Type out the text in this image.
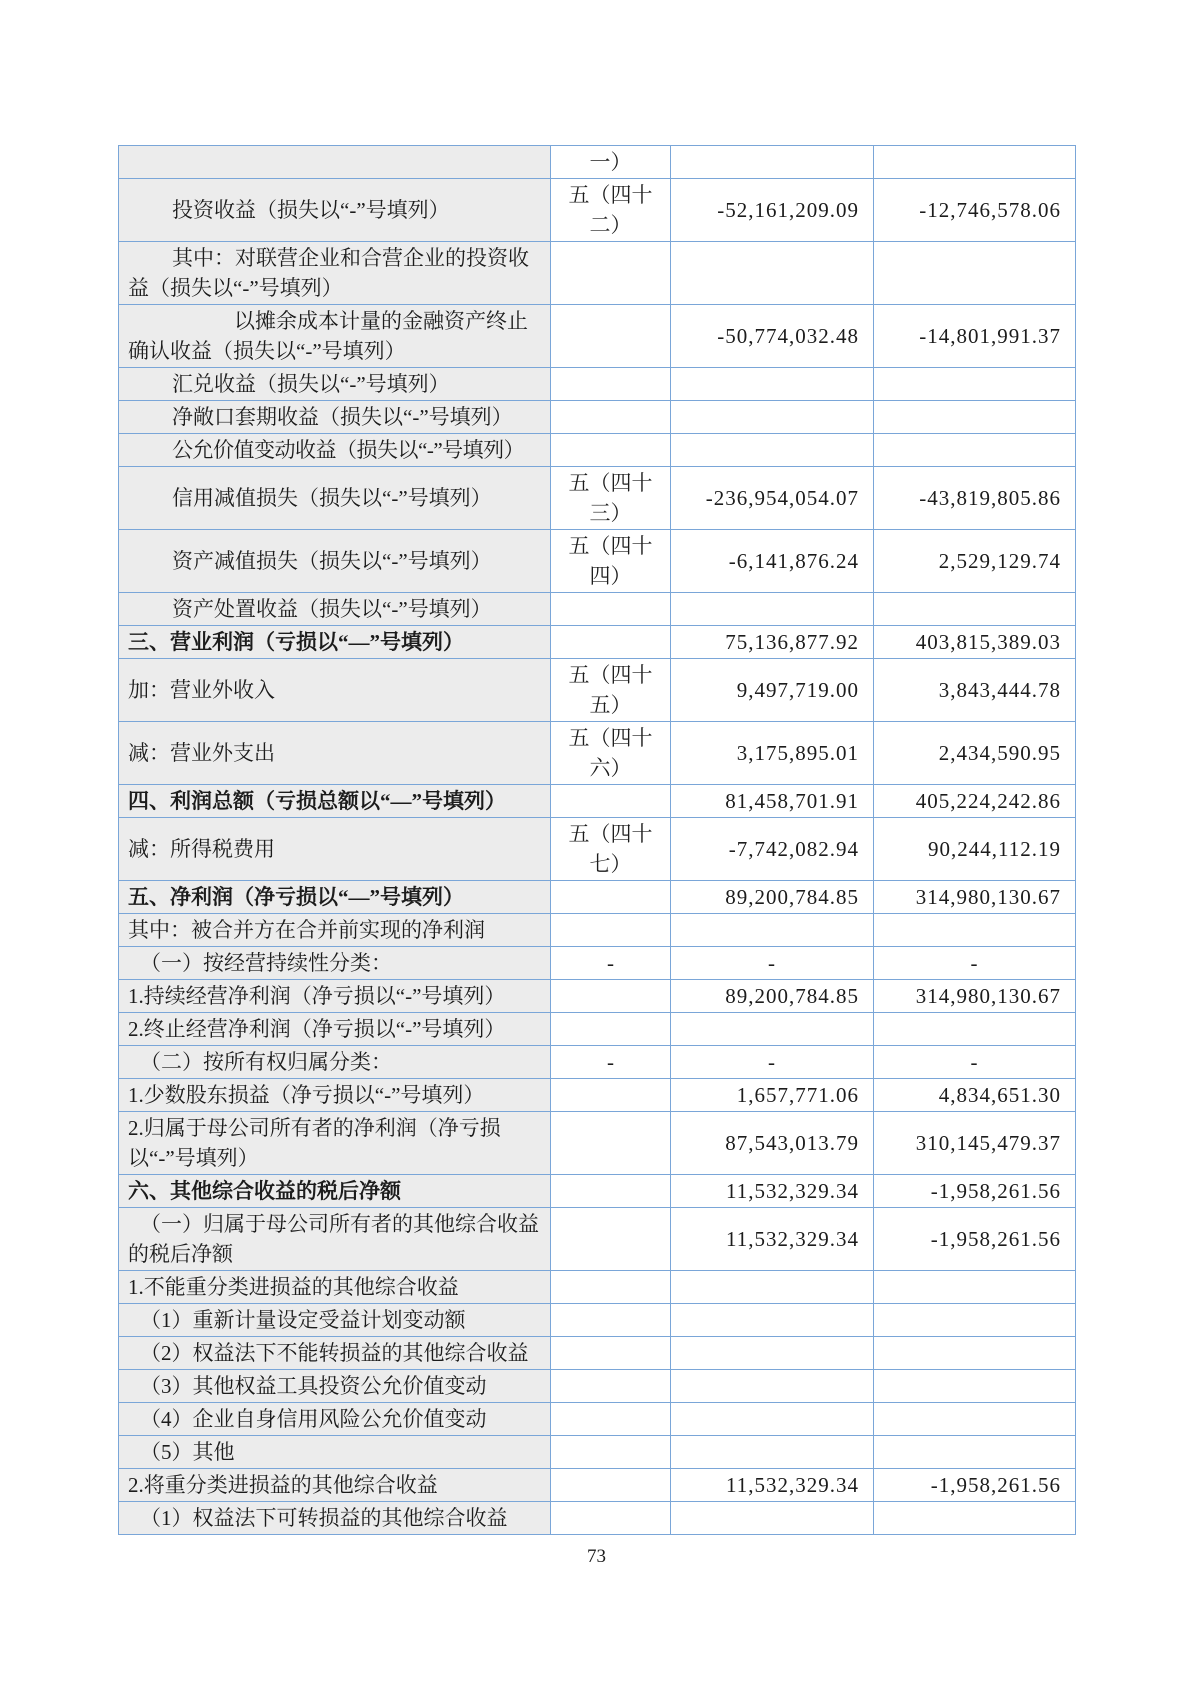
	一）		
投资收益（损失以“-”号填列）	五（四十二）	-52,161,209.09	-12,746,578.06
其中：对联营企业和合营企业的投资收益（损失以“-”号填列）			
以摊余成本计量的金融资产终止确认收益（损失以“-”号填列）		-50,774,032.48	-14,801,991.37
汇兑收益（损失以“-”号填列）			
净敞口套期收益（损失以“-”号填列）			
公允价值变动收益（损失以“-”号填列）			
信用减值损失（损失以“-”号填列）	五（四十三）	-236,954,054.07	-43,819,805.86
资产减值损失（损失以“-”号填列）	五（四十四）	-6,141,876.24	2,529,129.74
资产处置收益（损失以“-”号填列）			
三、营业利润（亏损以“—”号填列）		75,136,877.92	403,815,389.03
加：营业外收入	五（四十五）	9,497,719.00	3,843,444.78
减：营业外支出	五（四十六）	3,175,895.01	2,434,590.95
四、利润总额（亏损总额以“—”号填列）		81,458,701.91	405,224,242.86
减：所得税费用	五（四十七）	-7,742,082.94	90,244,112.19
五、净利润（净亏损以“—”号填列）		89,200,784.85	314,980,130.67
其中：被合并方在合并前实现的净利润			
（一）按经营持续性分类：	-	-	-
1.持续经营净利润（净亏损以“-”号填列）		89,200,784.85	314,980,130.67
2.终止经营净利润（净亏损以“-”号填列）			
（二）按所有权归属分类：	-	-	-
1.少数股东损益（净亏损以“-”号填列）		1,657,771.06	4,834,651.30
2.归属于母公司所有者的净利润（净亏损以“-”号填列）		87,543,013.79	310,145,479.37
六、其他综合收益的税后净额		11,532,329.34	-1,958,261.56
（一）归属于母公司所有者的其他综合收益的税后净额		11,532,329.34	-1,958,261.56
1.不能重分类进损益的其他综合收益			
（1）重新计量设定受益计划变动额			
（2）权益法下不能转损益的其他综合收益			
（3）其他权益工具投资公允价值变动			
（4）企业自身信用风险公允价值变动			
（5）其他			
2.将重分类进损益的其他综合收益		11,532,329.34	-1,958,261.56
（1）权益法下可转损益的其他综合收益			
73
